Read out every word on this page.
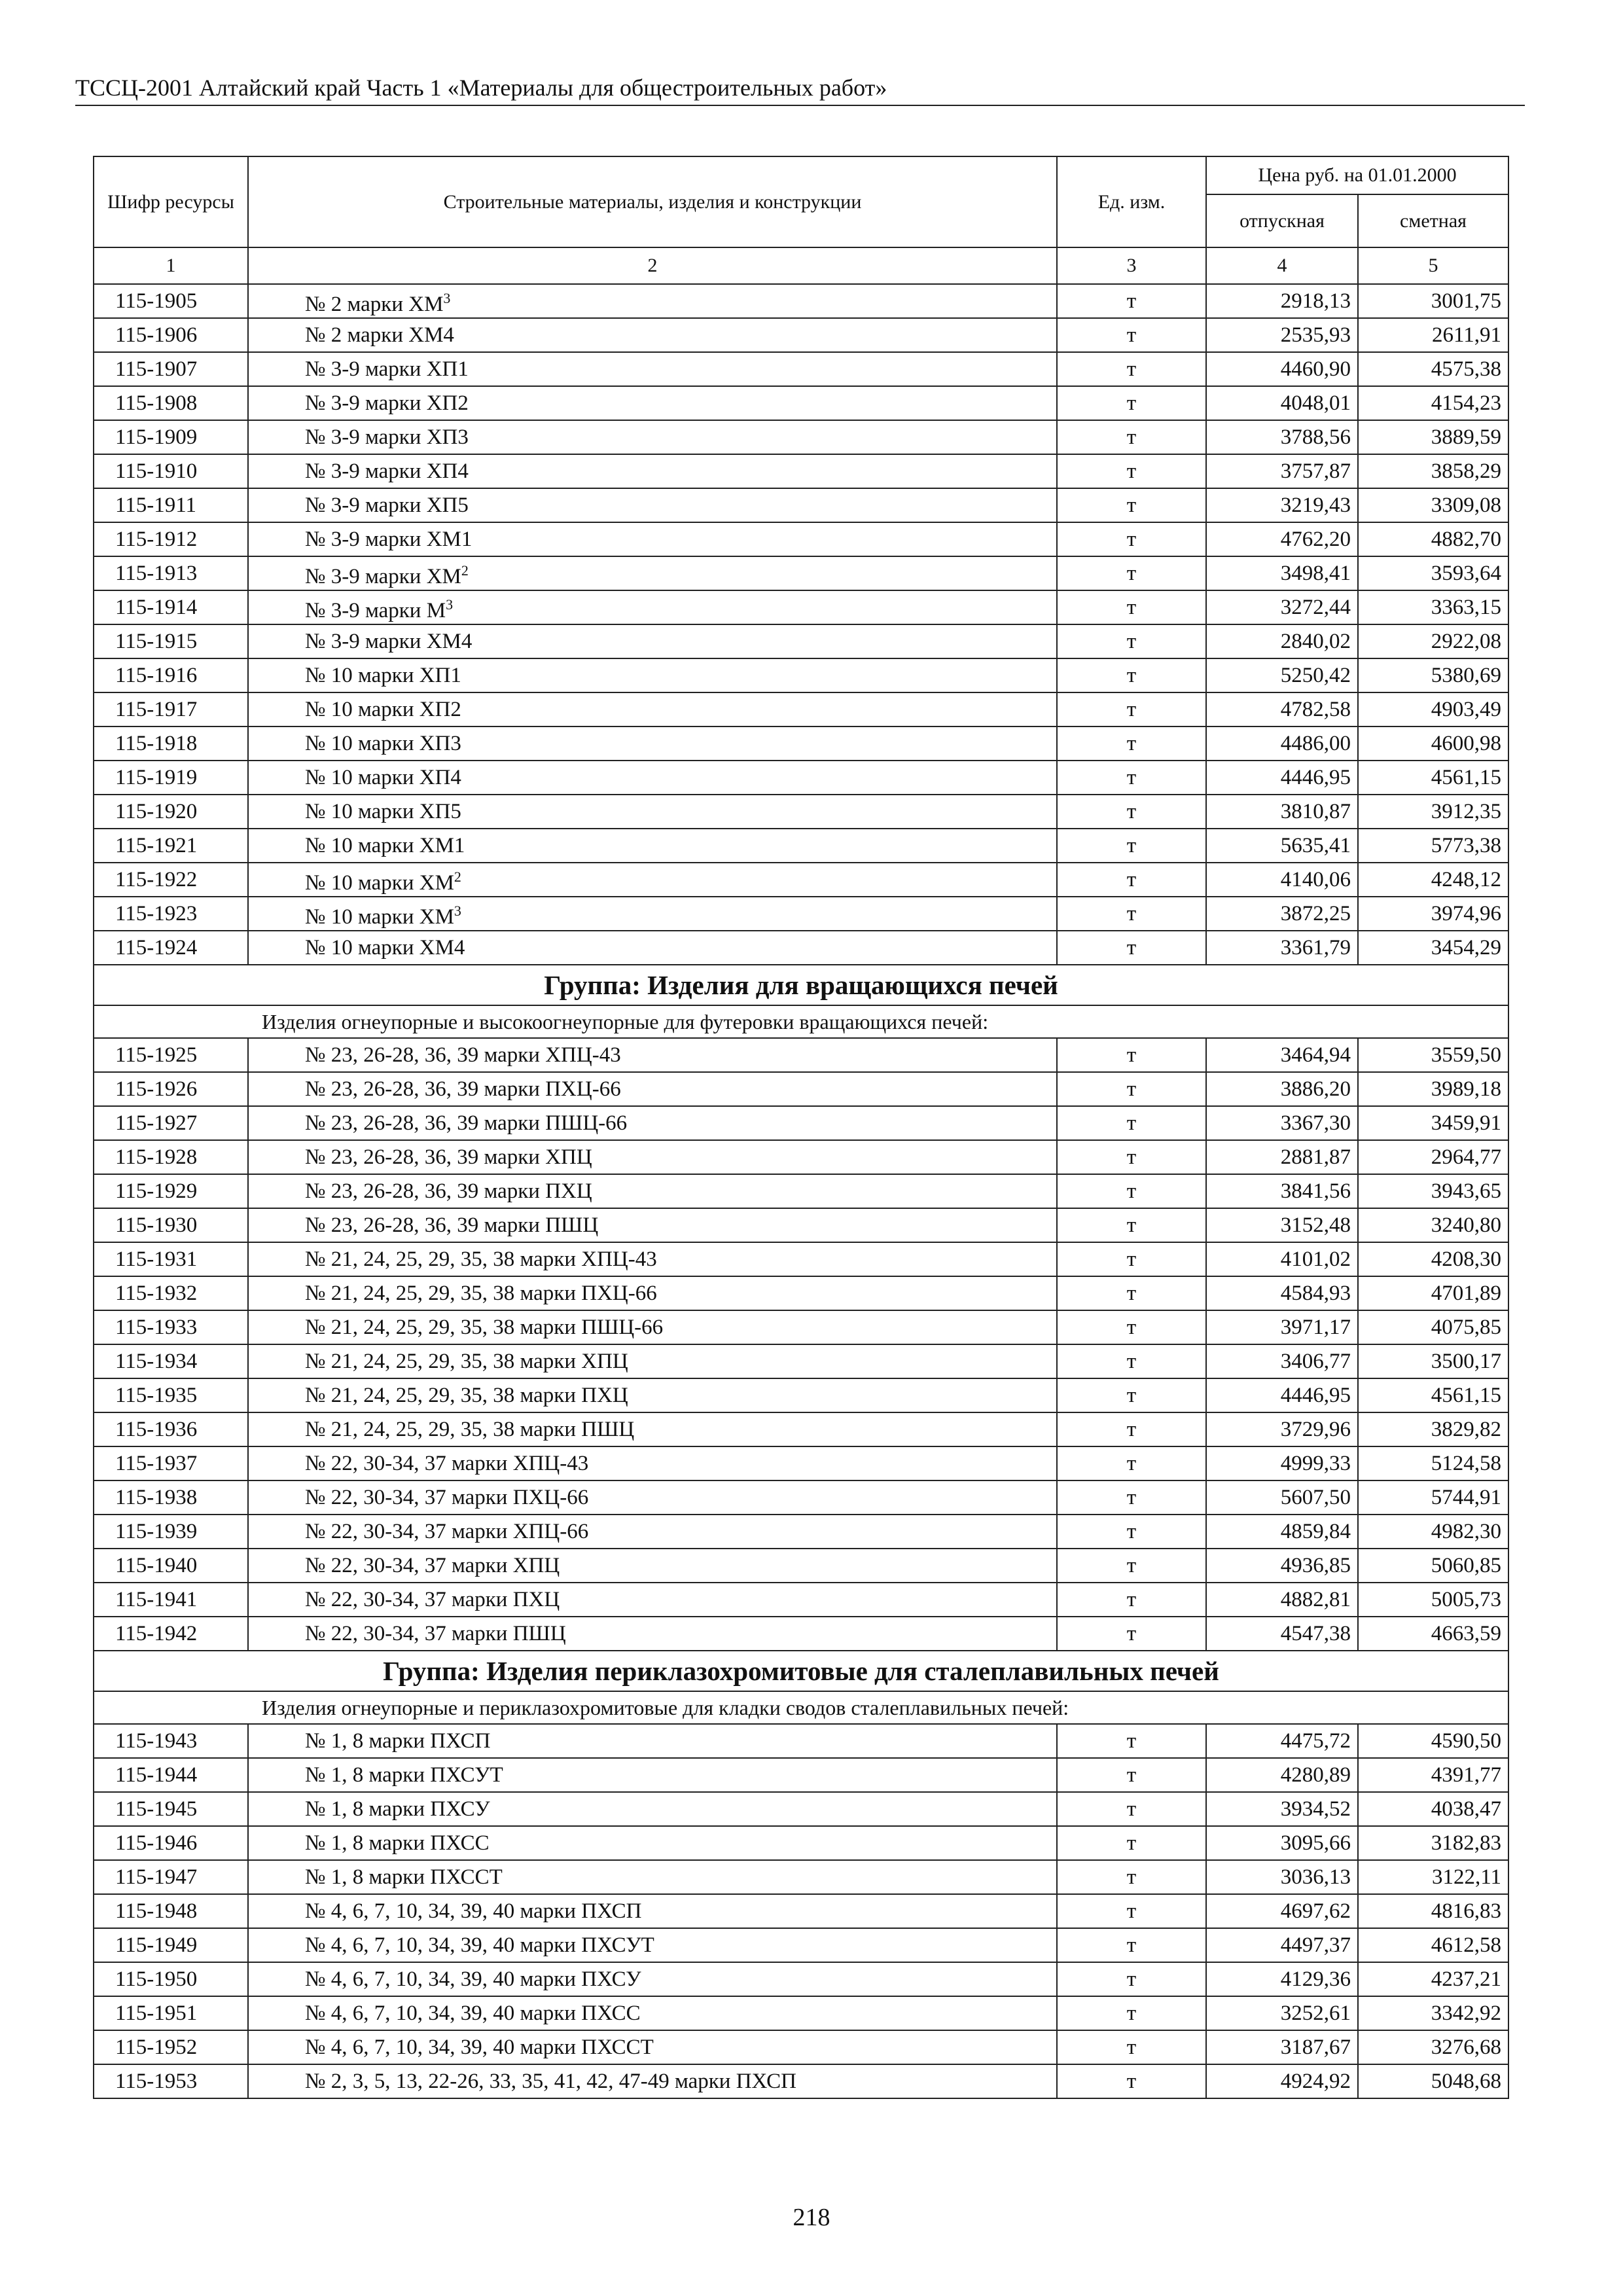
ТССЦ-2001 Алтайский край Часть 1 «Материалы для общестроительных работ»
Шифр ресурсы	Строительные материалы, изделия и конструкции	Ед. изм.	Цена руб. на 01.01.2000	
			отпускная	сметная
1	2	3	4	5
115-1905	№ 2 марки $ХМ^3$	т	2918,13	3001,75
115-1906	№ 2 марки ХМ4	т	2535,93	2611,91
115-1907	№ 3-9 марки ХП1	т	4460,90	4575,38
115-1908	№ 3-9 марки ХП2	т	4048,01	4154,23
115-1909	№ 3-9 марки ХП3	т	3788,56	3889,59
115-1910	№ 3-9 марки ХП4	т	3757,87	3858,29
115-1911	№ 3-9 марки ХП5	т	3219,43	3309,08
115-1912	№ 3-9 марки ХМ1	т	4762,20	4882,70
115-1913	№ 3-9 марки $ХМ^2$	т	3498,41	3593,64
115-1914	№ 3-9 марки $М^3$	т	3272,44	3363,15
115-1915	№ 3-9 марки ХМ4	т	2840,02	2922,08
115-1916	№ 10 марки ХП1	т	5250,42	5380,69
115-1917	№ 10 марки ХП2	т	4782,58	4903,49
115-1918	№ 10 марки ХП3	т	4486,00	4600,98
115-1919	№ 10 марки ХП4	т	4446,95	4561,15
115-1920	№ 10 марки ХП5	т	3810,87	3912,35
115-1921	№ 10 марки ХМ1	т	5635,41	5773,38
115-1922	№ 10 марки $ХМ^2$	т	4140,06	4248,12
115-1923	№ 10 марки $ХМ^3$	т	3872,25	3974,96
115-1924	№ 10 марки ХМ4	т	3361,79	3454,29
Группа: Изделия для вращающихся печей				
Изделия огнеупорные и высокоогнеупорные для футеровки вращающихся печей:				
115-1925	№ 23, 26-28, 36, 39 марки ХПЦ-43	т	3464,94	3559,50
115-1926	№ 23, 26-28, 36, 39 марки ПХЦ-66	т	3886,20	3989,18
115-1927	№ 23, 26-28, 36, 39 марки ПШЦ-66	т	3367,30	3459,91
115-1928	№ 23, 26-28, 36, 39 марки ХПЦ	т	2881,87	2964,77
115-1929	№ 23, 26-28, 36, 39 марки ПХЦ	т	3841,56	3943,65
115-1930	№ 23, 26-28, 36, 39 марки ПШЦ	т	3152,48	3240,80
115-1931	№ 21, 24, 25, 29, 35, 38 марки ХПЦ-43	т	4101,02	4208,30
115-1932	№ 21, 24, 25, 29, 35, 38 марки ПХЦ-66	т	4584,93	4701,89
115-1933	№ 21, 24, 25, 29, 35, 38 марки ПШЦ-66	т	3971,17	4075,85
115-1934	№ 21, 24, 25, 29, 35, 38 марки ХПЦ	т	3406,77	3500,17
115-1935	№ 21, 24, 25, 29, 35, 38 марки ПХЦ	т	4446,95	4561,15
115-1936	№ 21, 24, 25, 29, 35, 38 марки ПШЦ	т	3729,96	3829,82
115-1937	№ 22, 30-34, 37 марки ХПЦ-43	т	4999,33	5124,58
115-1938	№ 22, 30-34, 37 марки ПХЦ-66	т	5607,50	5744,91
115-1939	№ 22, 30-34, 37 марки ХПЦ-66	т	4859,84	4982,30
115-1940	№ 22, 30-34, 37 марки ХПЦ	т	4936,85	5060,85
115-1941	№ 22, 30-34, 37 марки ПХЦ	т	4882,81	5005,73
115-1942	№ 22, 30-34, 37 марки ПШЦ	т	4547,38	4663,59
Группа: Изделия периклазохромитовые для сталеплавильных печей				
Изделия огнеупорные и периклазохромитовые для кладки сводов сталеплавильных печей:				
115-1943	№ 1, 8 марки ПХСП	т	4475,72	4590,50
115-1944	№ 1, 8 марки ПХСУТ	т	4280,89	4391,77
115-1945	№ 1, 8 марки ПХСУ	т	3934,52	4038,47
115-1946	№ 1, 8 марки ПХСС	т	3095,66	3182,83
115-1947	№ 1, 8 марки ПХССТ	т	3036,13	3122,11
115-1948	№ 4, 6, 7, 10, 34, 39, 40 марки ПХСП	т	4697,62	4816,83
115-1949	№ 4, 6, 7, 10, 34, 39, 40 марки ПХСУТ	т	4497,37	4612,58
115-1950	№ 4, 6, 7, 10, 34, 39, 40 марки ПХСУ	т	4129,36	4237,21
115-1951	№ 4, 6, 7, 10, 34, 39, 40 марки ПХСС	т	3252,61	3342,92
115-1952	№ 4, 6, 7, 10, 34, 39, 40 марки ПХССТ	т	3187,67	3276,68
115-1953	№ 2, 3, 5, 13, 22-26, 33, 35, 41, 42, 47-49 марки ПХСП	т	4924,92	5048,68
218
